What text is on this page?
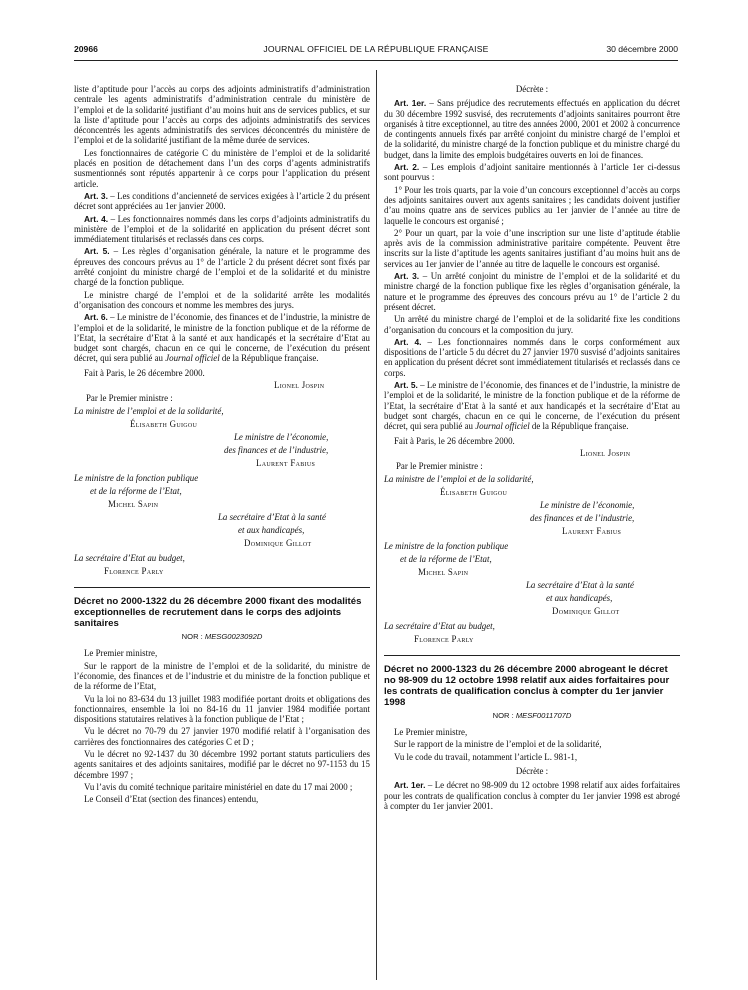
20966	JOURNAL OFFICIEL DE LA RÉPUBLIQUE FRANÇAISE	30 décembre 2000

liste d’aptitude pour l’accès au corps des adjoints administratifs d’administration centrale les agents administratifs d’administration centrale du ministère de l’emploi et de la solidarité justifiant d’au moins huit ans de services publics, et sur la liste d’aptitude pour l’accès au corps des adjoints administratifs des services déconcentrés les agents administratifs des services déconcentrés du ministère de l’emploi et de la solidarité justifiant de la même durée de services.

Les fonctionnaires de catégorie C du ministère de l’emploi et de la solidarité placés en position de détachement dans l’un des corps d’agents administratifs susmentionnés sont réputés appartenir à ce corps pour l’application du présent article.

Art. 3. – Les conditions d’ancienneté de services exigées à l’article 2 du présent décret sont appréciées au 1er janvier 2000.

Art. 4. – Les fonctionnaires nommés dans les corps d’adjoints administratifs du ministère de l’emploi et de la solidarité en application du présent décret sont immédiatement titularisés et reclassés dans ces corps.

Art. 5. – Les règles d’organisation générale, la nature et le programme des épreuves des concours prévus au 1° de l’article 2 du présent décret sont fixés par arrêté conjoint du ministre chargé de l’emploi et de la solidarité et du ministre chargé de la fonction publique.

Le ministre chargé de l’emploi et de la solidarité arrête les modalités d’organisation des concours et nomme les membres des jurys.

Art. 6. – Le ministre de l’économie, des finances et de l’industrie, la ministre de l’emploi et de la solidarité, le ministre de la fonction publique et de la réforme de l’Etat, la secrétaire d’Etat à la santé et aux handicapés et la secrétaire d’Etat au budget sont chargés, chacun en ce qui le concerne, de l’exécution du présent décret, qui sera publié au Journal officiel de la République française.

Fait à Paris, le 26 décembre 2000.

Lionel Jospin
Par le Premier ministre :
La ministre de l’emploi et de la solidarité,
Élisabeth Guigou
Le ministre de l’économie,
des finances et de l’industrie,
Laurent Fabius
Le ministre de la fonction publique
et de la réforme de l’Etat,
Michel Sapin
La secrétaire d’Etat à la santé
et aux handicapés,
Dominique Gillot
La secrétaire d’Etat au budget,
Florence Parly
Décret no 2000-1322 du 26 décembre 2000 fixant des modalités exceptionnelles de recrutement dans le corps des adjoints sanitaires
NOR : MESG0023092D

Le Premier ministre,

Sur le rapport de la ministre de l’emploi et de la solidarité, du ministre de l’économie, des finances et de l’industrie et du ministre de la fonction publique et de la réforme de l’Etat,

Vu la loi no 83-634 du 13 juillet 1983 modifiée portant droits et obligations des fonctionnaires, ensemble la loi no 84-16 du 11 janvier 1984 modifiée portant dispositions statutaires relatives à la fonction publique de l’Etat ;

Vu le décret no 70-79 du 27 janvier 1970 modifié relatif à l’organisation des carrières des fonctionnaires des catégories C et D ;

Vu le décret no 92-1437 du 30 décembre 1992 portant statuts particuliers des agents sanitaires et des adjoints sanitaires, modifié par le décret no 97-1153 du 15 décembre 1997 ;

Vu l’avis du comité technique paritaire ministériel en date du 17 mai 2000 ;

Le Conseil d’Etat (section des finances) entendu,

Décrète :

Art. 1er. – Sans préjudice des recrutements effectués en application du décret du 30 décembre 1992 susvisé, des recrutements d’adjoints sanitaires pourront être organisés à titre exceptionnel, au titre des années 2000, 2001 et 2002 à concurrence de contingents annuels fixés par arrêté conjoint du ministre chargé de l’emploi et de la solidarité, du ministre chargé de la fonction publique et du ministre chargé du budget, dans la limite des emplois budgétaires ouverts en loi de finances.

Art. 2. – Les emplois d’adjoint sanitaire mentionnés à l’article 1er ci-dessus sont pourvus :

1° Pour les trois quarts, par la voie d’un concours exceptionnel d’accès au corps des adjoints sanitaires ouvert aux agents sanitaires ; les candidats doivent justifier d’au moins quatre ans de services publics au 1er janvier de l’année au titre de laquelle le concours est organisé ;

2° Pour un quart, par la voie d’une inscription sur une liste d’aptitude établie après avis de la commission administrative paritaire compétente. Peuvent être inscrits sur la liste d’aptitude les agents sanitaires justifiant d’au moins huit ans de services au 1er janvier de l’année au titre de laquelle le concours est organisé.

Art. 3. – Un arrêté conjoint du ministre de l’emploi et de la solidarité et du ministre chargé de la fonction publique fixe les règles d’organisation générale, la nature et le programme des épreuves des concours prévu au 1° de l’article 2 du présent décret.

Un arrêté du ministre chargé de l’emploi et de la solidarité fixe les conditions d’organisation du concours et la composition du jury.

Art. 4. – Les fonctionnaires nommés dans le corps conformément aux dispositions de l’article 5 du décret du 27 janvier 1970 susvisé d’adjoints sanitaires en application du présent décret sont immédiatement titularisés et reclassés dans ce corps.

Art. 5. – Le ministre de l’économie, des finances et de l’industrie, la ministre de l’emploi et de la solidarité, le ministre de la fonction publique et de la réforme de l’Etat, la secrétaire d’Etat à la santé et aux handicapés et la secrétaire d’Etat au budget sont chargés, chacun en ce qui le concerne, de l’exécution du présent décret, qui sera publié au Journal officiel de la République française.

Fait à Paris, le 26 décembre 2000.

Lionel Jospin
Par le Premier ministre :
La ministre de l’emploi et de la solidarité,
Élisabeth Guigou
Le ministre de l’économie,
des finances et de l’industrie,
Laurent Fabius
Le ministre de la fonction publique
et de la réforme de l’Etat,
Michel Sapin
La secrétaire d’Etat à la santé
et aux handicapés,
Dominique Gillot
La secrétaire d’Etat au budget,
Florence Parly
Décret no 2000-1323 du 26 décembre 2000 abrogeant le décret no 98-909 du 12 octobre 1998 relatif aux aides forfaitaires pour les contrats de qualification conclus à compter du 1er janvier 1998
NOR : MESF0011707D

Le Premier ministre,

Sur le rapport de la ministre de l’emploi et de la solidarité,

Vu le code du travail, notamment l’article L. 981-1,

Décrète :

Art. 1er. – Le décret no 98-909 du 12 octobre 1998 relatif aux aides forfaitaires pour les contrats de qualification conclus à compter du 1er janvier 1998 est abrogé à compter du 1er janvier 2001.
